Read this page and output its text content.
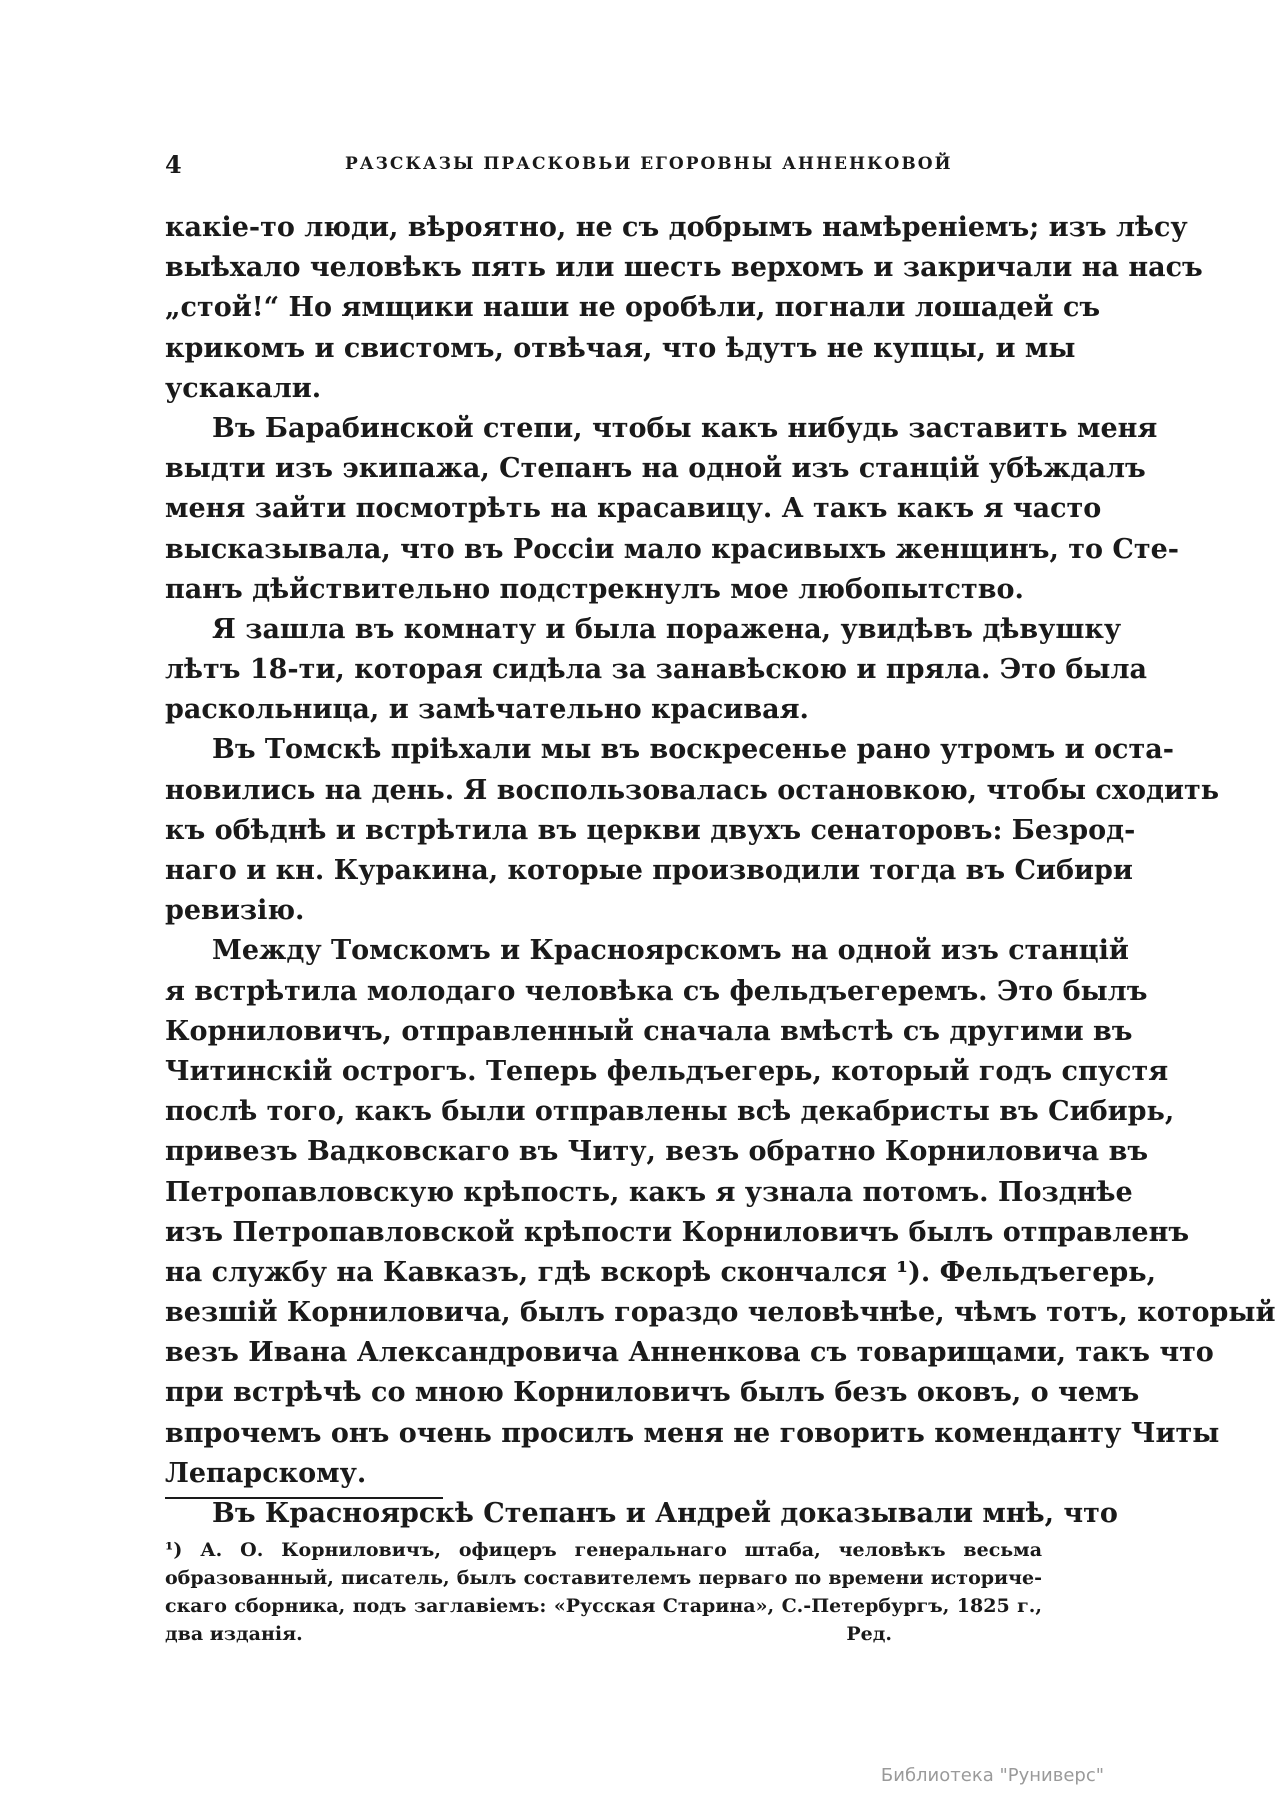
4	РАЗСКАЗЫ ПРАСКОВЬИ ЕГОРОВНЫ АННЕНКОВОЙ
какіе-то люди, вѣроятно, не съ добрымъ намѣреніемъ; изъ лѣсу
выѣхало человѣкъ пять или шесть верхомъ и закричали на насъ
„стой!“ Но ямщики наши не оробѣли, погнали лошадей съ
крикомъ и свистомъ, отвѣчая, что ѣдутъ не купцы, и мы
ускакали.
Въ Барабинской степи, чтобы какъ нибудь заставить меня
выдти изъ экипажа, Степанъ на одной изъ станцій убѣждалъ
меня зайти посмотрѣть на красавицу. А такъ какъ я часто
высказывала, что въ Россіи мало красивыхъ женщинъ, то Сте-
панъ дѣйствительно подстрекнулъ мое любопытство.
Я зашла въ комнату и была поражена, увидѣвъ дѣвушку
лѣтъ 18-ти, которая сидѣла за занавѣскою и пряла. Это была
раскольница, и замѣчательно красивая.
Въ Томскѣ пріѣхали мы въ воскресенье рано утромъ и оста-
новились на день. Я воспользовалась остановкою, чтобы сходить
къ обѣднѣ и встрѣтила въ церкви двухъ сенаторовъ: Безрод-
наго и кн. Куракина, которые производили тогда въ Сибири
ревизію.
Между Томскомъ и Красноярскомъ на одной изъ станцій
я встрѣтила молодаго человѣка съ фельдъегеремъ. Это былъ
Корниловичъ, отправленный сначала вмѣстѣ съ другими въ
Читинскій острогъ. Теперь фельдъегерь, который годъ спустя
послѣ того, какъ были отправлены всѣ декабристы въ Сибирь,
привезъ Вадковскаго въ Читу, везъ обратно Корниловича въ
Петропавловскую крѣпость, какъ я узнала потомъ. Позднѣе
изъ Петропавловской крѣпости Корниловичъ былъ отправленъ
на службу на Кавказъ, гдѣ вскорѣ скончался ¹). Фельдъегерь,
везшій Корниловича, былъ гораздо человѣчнѣе, чѣмъ тотъ, который
везъ Ивана Александровича Анненкова съ товарищами, такъ что
при встрѣчѣ со мною Корниловичъ былъ безъ оковъ, о чемъ
впрочемъ онъ очень просилъ меня не говорить коменданту Читы
Лепарскому.
Въ Красноярскѣ Степанъ и Андрей доказывали мнѣ, что
¹) А. О. Корниловичъ, офицеръ генеральнаго штаба, человѣкъ весьма
образованный, писатель, былъ составителемъ перваго по времени историче-
скаго сборника, подъ заглавіемъ: «Русская Старина», С.-Петербургъ, 1825 г.,
два изданія.	Ред.
Библиотека "Руниверс"
